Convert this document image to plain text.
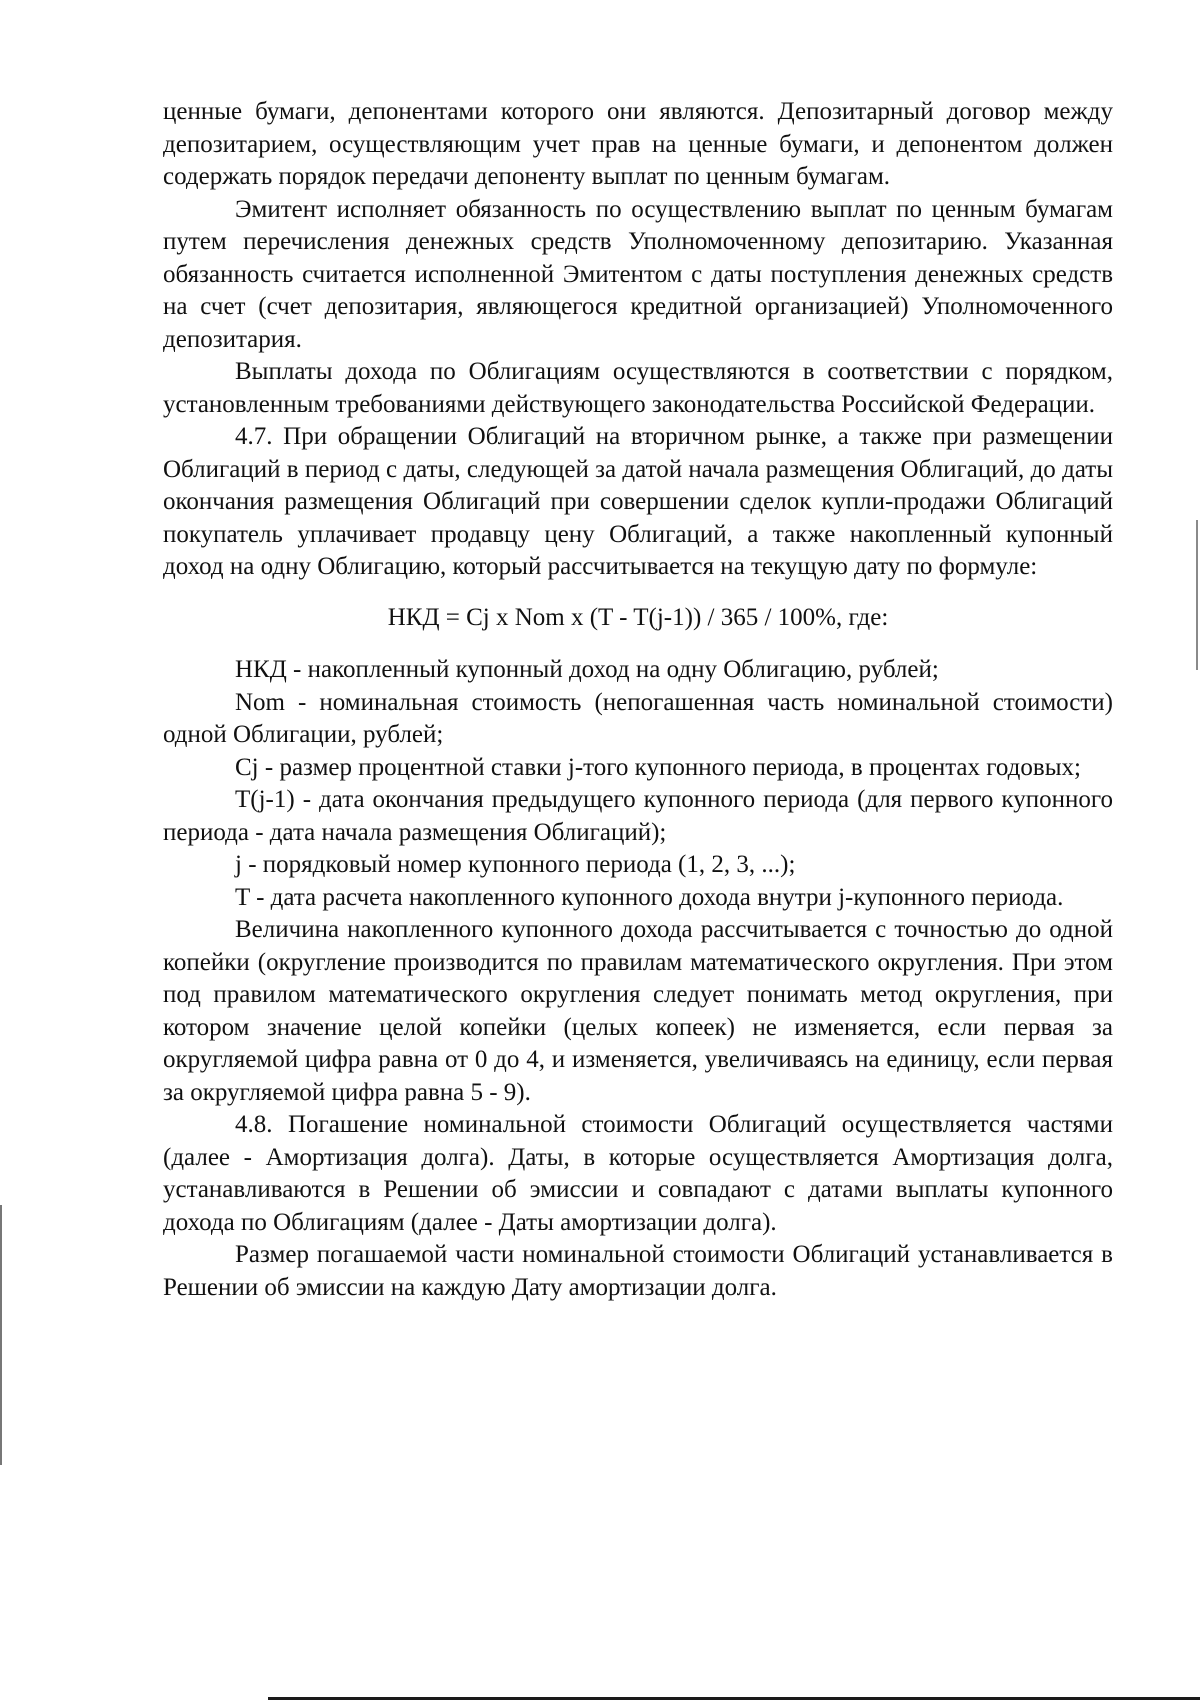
ценные бумаги, депонентами которого они являются. Депозитарный договор между депозитарием, осуществляющим учет прав на ценные бумаги, и депонентом должен содержать порядок передачи депоненту выплат по ценным бумагам.

Эмитент исполняет обязанность по осуществлению выплат по ценным бумагам путем перечисления денежных средств Уполномоченному депозитарию. Указанная обязанность считается исполненной Эмитентом с даты поступления денежных средств на счет (счет депозитария, являющегося кредитной организацией) Уполномоченного депозитария.

Выплаты дохода по Облигациям осуществляются в соответствии с порядком, установленным требованиями действующего законодательства Российской Федерации.

4.7. При обращении Облигаций на вторичном рынке, а также при размещении Облигаций в период с даты, следующей за датой начала размещения Облигаций, до даты окончания размещения Облигаций при совершении сделок купли-продажи Облигаций покупатель уплачивает продавцу цену Облигаций, а также накопленный купонный доход на одну Облигацию, который рассчитывается на текущую дату по формуле:

НКД = Cj x Nom x (T - T(j-1)) / 365 / 100%, где:

НКД - накопленный купонный доход на одну Облигацию, рублей;

Nom - номинальная стоимость (непогашенная часть номинальной стоимости) одной Облигации, рублей;

Cj - размер процентной ставки j-того купонного периода, в процентах годовых;

T(j-1) - дата окончания предыдущего купонного периода (для первого купонного периода - дата начала размещения Облигаций);

j - порядковый номер купонного периода (1, 2, 3, ...);

T - дата расчета накопленного купонного дохода внутри j-купонного периода.

Величина накопленного купонного дохода рассчитывается с точностью до одной копейки (округление производится по правилам математического округления. При этом под правилом математического округления следует понимать метод округления, при котором значение целой копейки (целых копеек) не изменяется, если первая за округляемой цифра равна от 0 до 4, и изменяется, увеличиваясь на единицу, если первая за округляемой цифра равна 5 - 9).

4.8. Погашение номинальной стоимости Облигаций осуществляется частями (далее - Амортизация долга). Даты, в которые осуществляется Амортизация долга, устанавливаются в Решении об эмиссии и совпадают с датами выплаты купонного дохода по Облигациям (далее - Даты амортизации долга).

Размер погашаемой части номинальной стоимости Облигаций устанавливается в Решении об эмиссии на каждую Дату амортизации долга.
